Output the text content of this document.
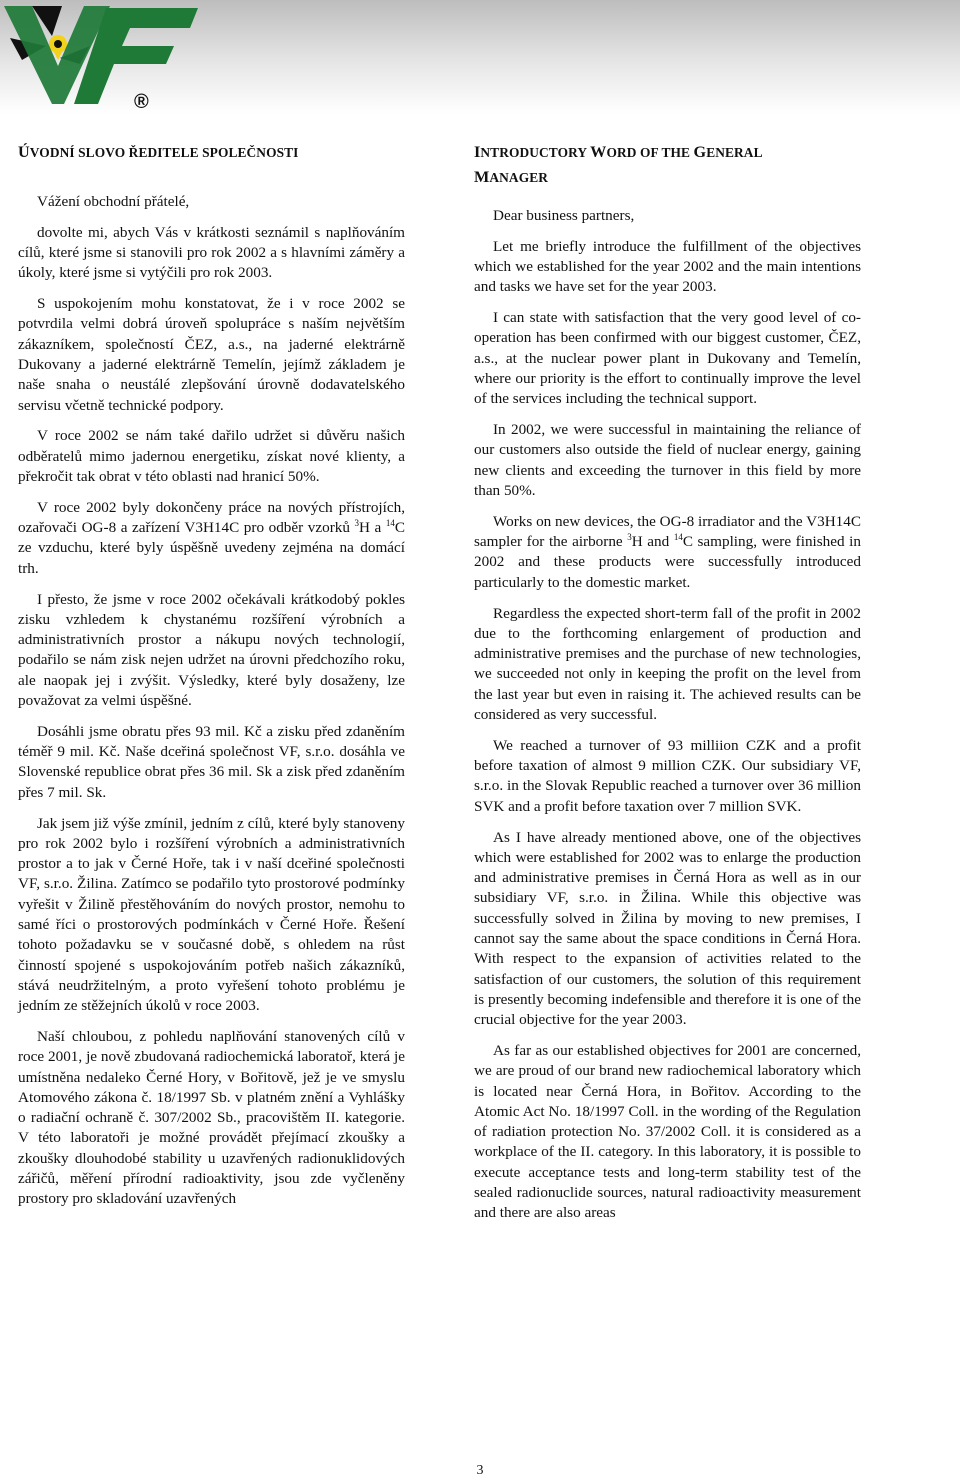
®
ÚVODNÍ SLOVO ŘEDITELE SPOLEČNOSTI

Vážení obchodní přátelé,

dovolte mi, abych Vás v krátkosti seznámil s naplňováním cílů, které jsme si stanovili pro rok 2002 a s hlavními záměry a úkoly, které jsme si vytýčili pro rok 2003.

S uspokojením mohu konstatovat, že i v roce 2002 se potvrdila velmi dobrá úroveň spolupráce s naším největším zákazníkem, společností ČEZ, a.s., na jaderné elektrárně Dukovany a jaderné elektrárně Temelín, jejímž základem je naše snaha o neustálé zlepšování úrovně dodavatelského servisu včetně technické podpory.

V roce 2002 se nám také dařilo udržet si důvěru našich odběratelů mimo jadernou energetiku, získat nové klienty, a překročit tak obrat v této oblasti nad hranicí 50%.

V roce 2002 byly dokončeny práce na nových přístrojích, ozařovači OG-8 a zařízení V3H14C pro odběr vzorků $^3$H a $^{14}$C ze vzduchu, které byly úspěšně uvedeny zejména na domácí trh.

I přesto, že jsme v roce 2002 očekávali krátkodobý pokles zisku vzhledem k chystanému rozšíření výrobních a administrativních prostor a nákupu nových technologií, podařilo se nám zisk nejen udržet na úrovni předchozího roku, ale naopak jej i zvýšit. Výsledky, které byly dosaženy, lze považovat za velmi úspěšné.

Dosáhli jsme obratu přes 93 mil. Kč a zisku před zdaněním téměř 9 mil. Kč. Naše dceřiná společnost VF, s.r.o. dosáhla ve Slovenské republice obrat přes 36 mil. Sk a zisk před zdaněním přes 7 mil. Sk.

Jak jsem již výše zmínil, jedním z cílů, které byly stanoveny pro rok 2002 bylo i rozšíření výrobních a administrativních prostor a to jak v Černé Hoře, tak i v naší dceřiné společnosti VF, s.r.o. Žilina. Zatímco se podařilo tyto prostorové podmínky vyřešit v Žilině přestěhováním do nových prostor, nemohu to samé říci o prostorových podmínkách v Černé Hoře. Řešení tohoto požadavku se v současné době, s ohledem na růst činností spojené s uspokojováním potřeb našich zákazníků, stává neudržitelným, a proto vyřešení tohoto problému je jedním ze stěžejních úkolů v roce 2003.

Naší chloubou, z pohledu naplňování stanovených cílů v roce 2001, je nově zbudovaná radiochemická laboratoř, která je umístněna nedaleko Černé Hory, v Bořitově, jež je ve smyslu Atomového zákona č. 18/1997 Sb. v platném znění a Vyhlášky o radiační ochraně č. 307/2002 Sb., pracovištěm II. kategorie. V této laboratoři je možné provádět přejímací zkoušky a zkoušky dlouhodobé stability u uzavřených radionuklidových zářičů, měření přírodní radioaktivity, jsou zde vyčleněny prostory pro skladování uzavřených

INTRODUCTORY WORD OF THE GENERAL
MANAGER

Dear business partners,

Let me briefly introduce the fulfillment of the objectives which we established for the year 2002 and the main intentions and tasks we have set for the year 2003.

I can state with satisfaction that the very good level of co-operation has been confirmed with our biggest customer, ČEZ, a.s., at the nuclear power plant in Dukovany and Temelín, where our priority is the effort to continually improve the level of the services including the technical support.

In 2002, we were successful in maintaining the reliance of our customers also outside the field of nuclear energy, gaining new clients and exceeding the turnover in this field by more than 50%.

Works on new devices, the OG-8 irradiator and the V3H14C sampler for the airborne $^3$H and $^{14}$C sampling, were finished in 2002 and these products were successfully introduced particularly to the domestic market.

Regardless the expected short-term fall of the profit in 2002 due to the forthcoming enlargement of production and administrative premises and the purchase of new technologies, we succeeded not only in keeping the profit on the level from the last year but even in raising it. The achieved results can be considered as very successful.

We reached a turnover of 93 milliion CZK and a profit before taxation of almost 9 million CZK. Our subsidiary VF, s.r.o. in the Slovak Republic reached a turnover over 36 million SVK and a profit before taxation over 7 million SVK.

As I have already mentioned above, one of the objectives which were established for 2002 was to enlarge the production and administrative premises in Černá Hora as well as in our subsidiary VF, s.r.o. in Žilina. While this objective was successfully solved in Žilina by moving to new premises, I cannot say the same about the space conditions in Černá Hora. With respect to the expansion of activities related to the satisfaction of our customers, the solution of this requirement is presently becoming indefensible and therefore it is one of the crucial objective for the year 2003.

As far as our established objectives for 2001 are concerned, we are proud of our brand new radiochemical laboratory which is located near Černá Hora, in Bořitov. According to the Atomic Act No. 18/1997 Coll. in the wording of the Regulation of radiation protection No. 37/2002 Coll. it is considered as a workplace of the II. category. In this laboratory, it is possible to execute acceptance tests and long-term stability test of the sealed radionuclide sources, natural radioactivity measurement and there are also areas

3
